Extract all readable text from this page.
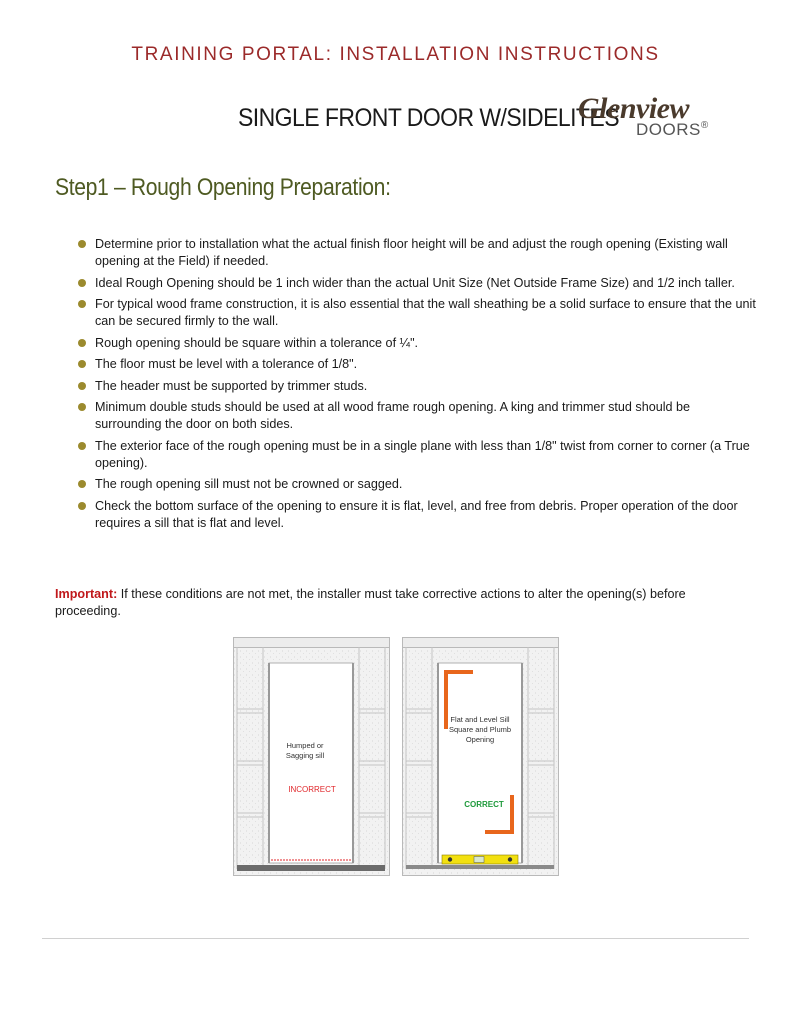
TRAINING PORTAL: INSTALLATION INSTRUCTIONS
SINGLE FRONT DOOR W/SIDELITES
Glenview
DOORS®
Step1 – Rough Opening Preparation:
Determine prior to installation what the actual finish floor height will be and adjust the rough opening (Existing wall opening at the Field) if needed.
Ideal Rough Opening should be 1 inch wider than the actual Unit Size (Net Outside Frame Size) and 1/2 inch taller.
For typical wood frame construction, it is also essential that the wall sheathing be a solid surface to ensure that the unit can be secured firmly to the wall.
Rough opening should be square within a tolerance of ¼".
The floor must be level with a tolerance of 1/8".
The header must be supported by trimmer studs.
Minimum double studs should be used at all wood frame rough opening. A king and trimmer stud should be surrounding the door on both sides.
The exterior face of the rough opening must be in a single plane with less than 1/8" twist from corner to corner (a True opening).
The rough opening sill must not be crowned or sagged.
Check the bottom surface of the opening to ensure it is flat, level, and free from debris. Proper operation of the door requires a sill that is flat and level.
Important: If these conditions are not met, the installer must take corrective actions to alter the opening(s) before proceeding.
Humped or
Sagging sill
INCORRECT
Flat and Level Sill
Square and Plumb
Opening
CORRECT
